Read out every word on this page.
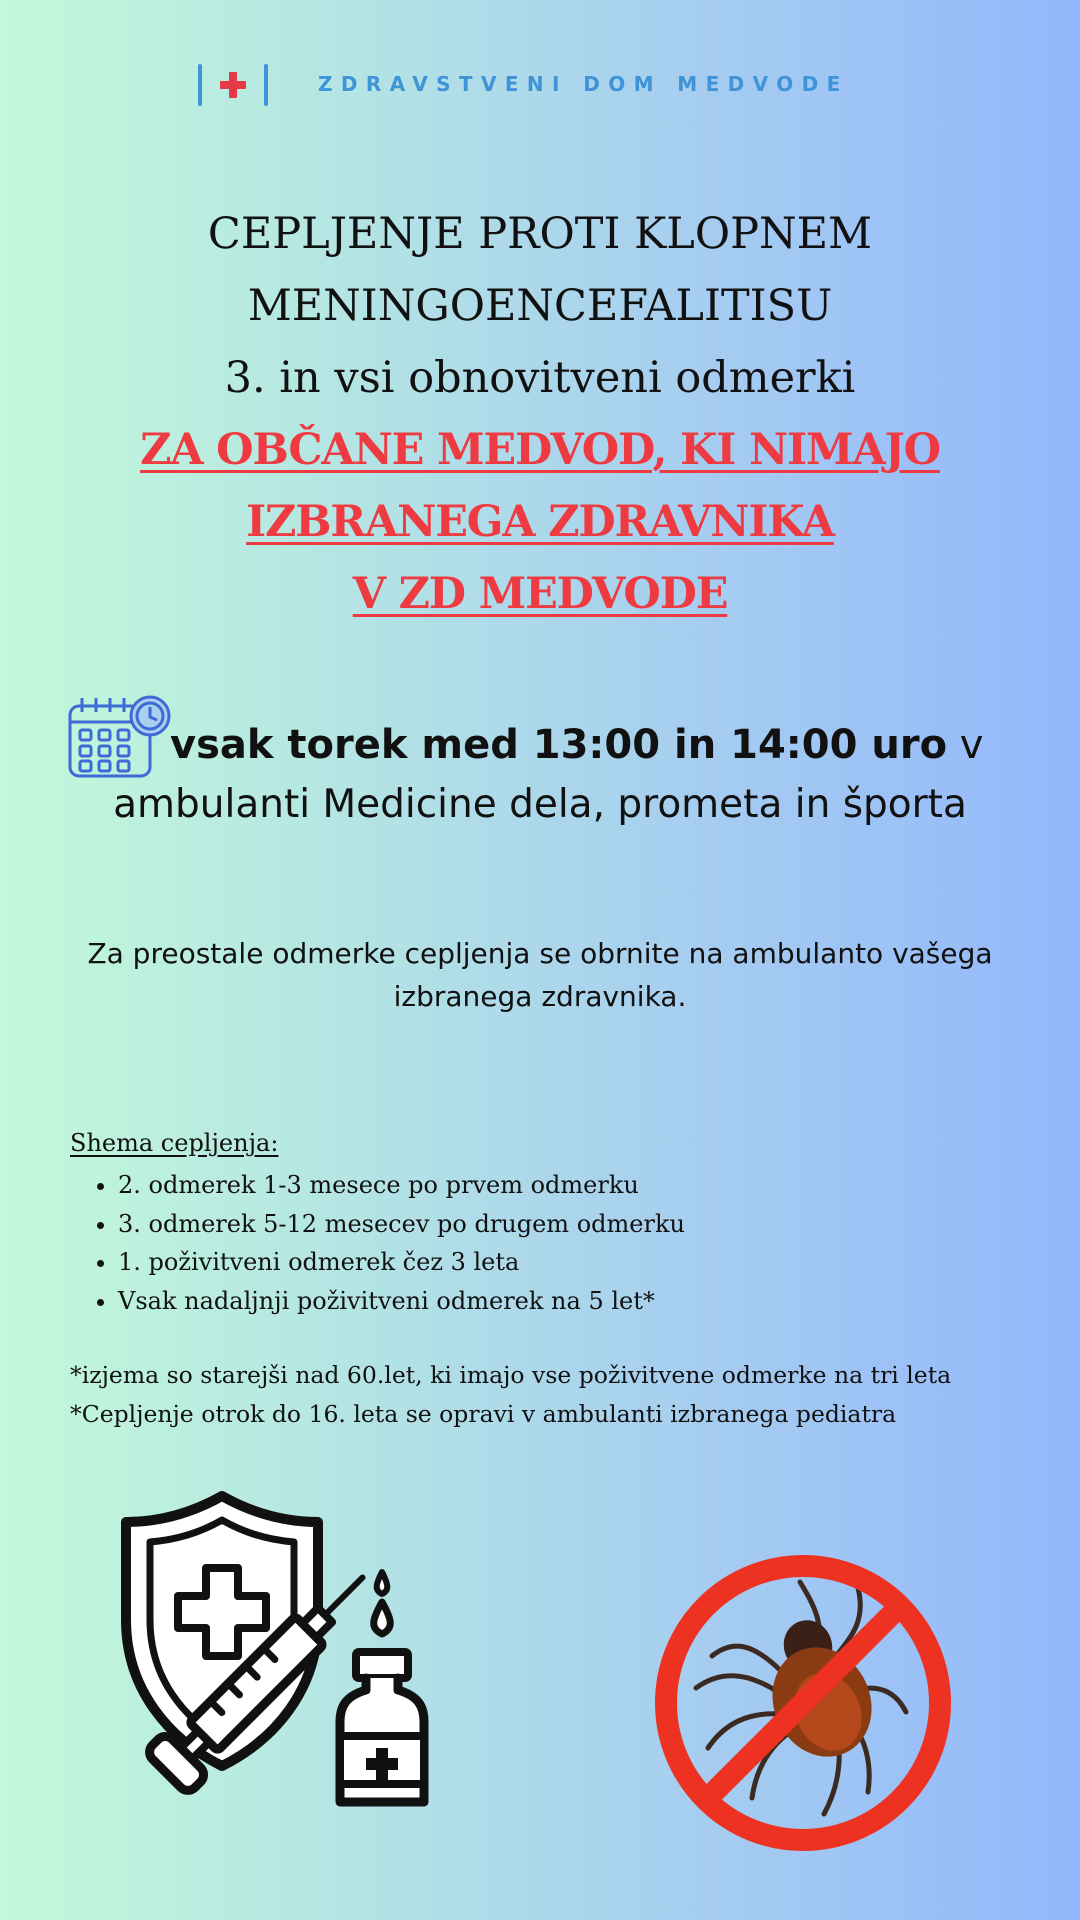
ZDRAVSTVENI DOM MEDVODE

CEPLJENJE PROTI KLOPNEM

MENINGOENCEFALITISU

3. in vsi obnovitveni odmerki

ZA OBČANE MEDVOD, KI NIMAJO

IZBRANEGA ZDRAVNIKA

V ZD MEDVODE

vsak torek med 13:00 in 14:00 uro v
ambulanti Medicine dela, prometa in športa
Za preostale odmerke cepljenja se obrnite na ambulanto vašega izbranega zdravnika.

Shema cepljenja:

• 2. odmerek 1-3 mesece po prvem odmerku
• 3. odmerek 5-12 mesecev po drugem odmerku
• 1. poživitveni odmerek čez 3 leta
• Vsak nadaljnji poživitveni odmerek na 5 let*
*izjema so starejši nad 60.let, ki imajo vse poživitvene odmerke na tri leta
*Cepljenje otrok do 16. leta se opravi v ambulanti izbranega pediatra
